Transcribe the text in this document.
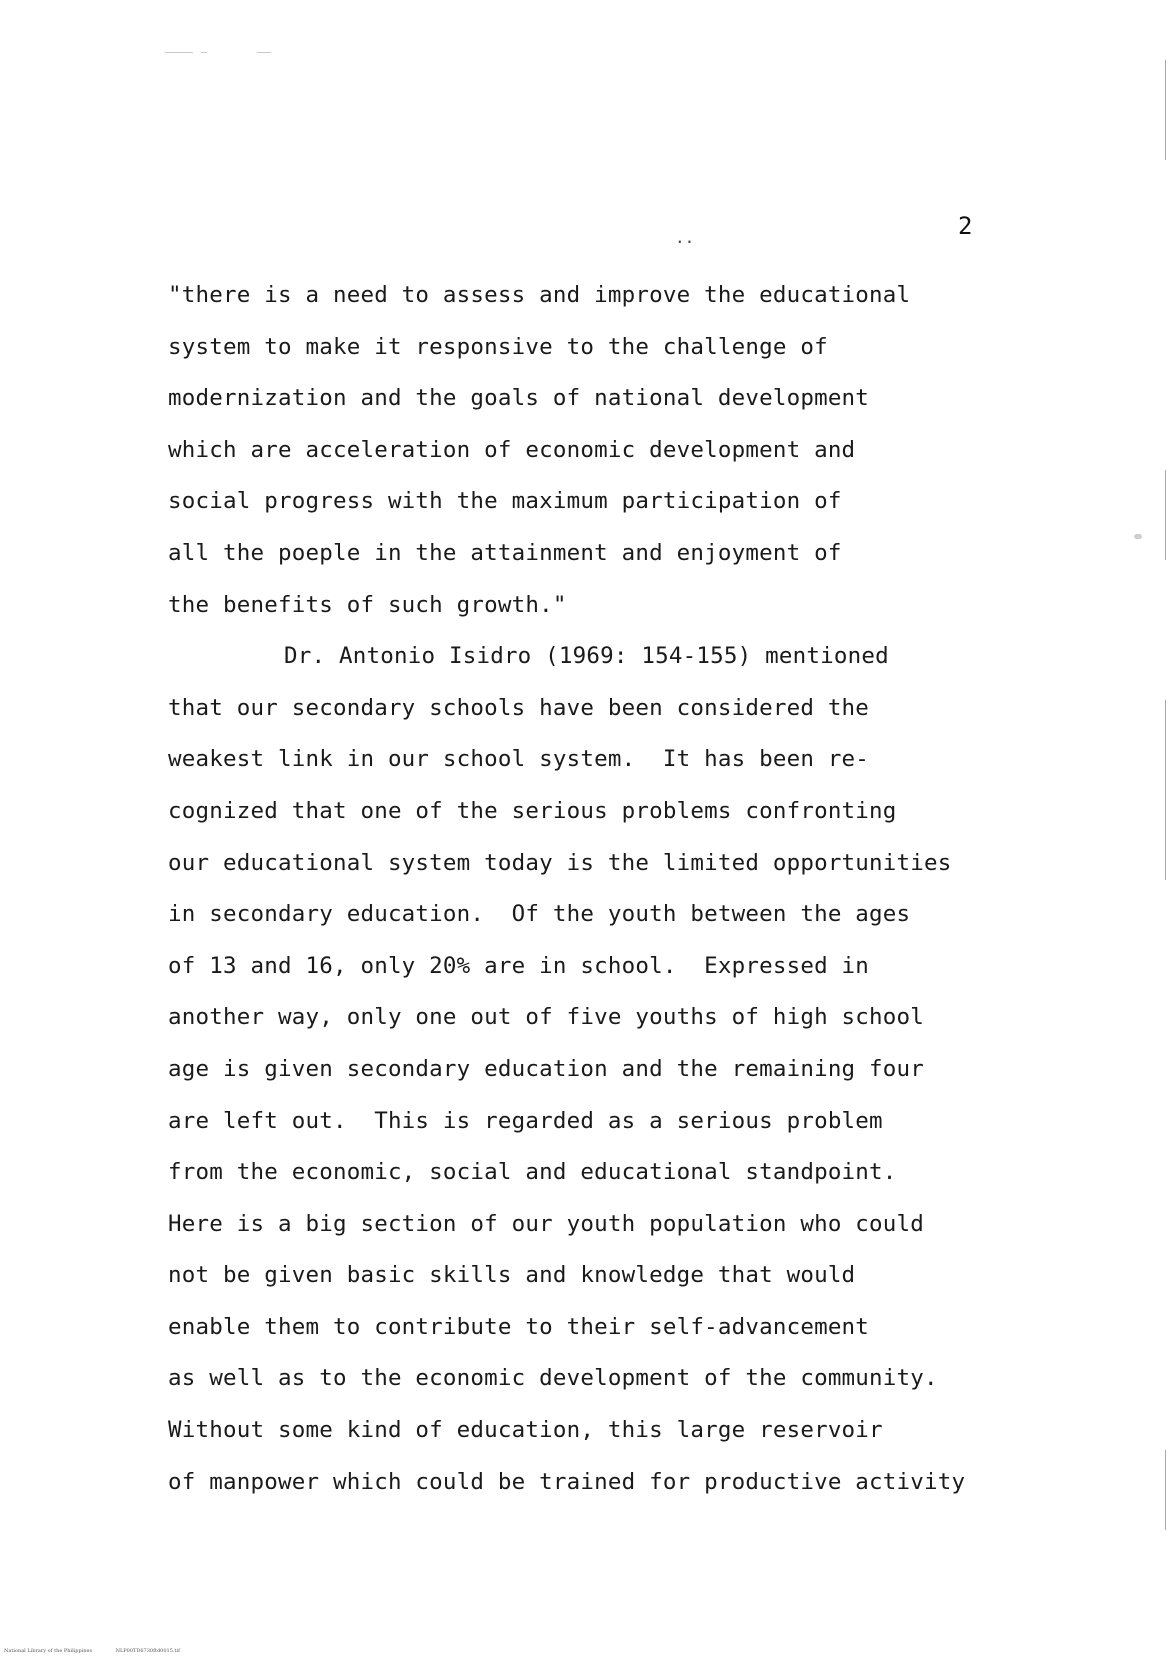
..	2
"there is a need to assess and improve the educational
system to make it responsive to the challenge of
modernization and the goals of national development
which are acceleration of economic development and
social progress with the maximum participation of
all the poeple in the attainment and enjoyment of
the benefits of such growth."
Dr. Antonio Isidro (1969: 154-155) mentioned
that our secondary schools have been considered the
weakest link in our school system.  It has been re-
cognized that one of the serious problems confronting
our educational system today is the limited opportunities
in secondary education.  Of the youth between the ages
of 13 and 16, only 20% are in school.  Expressed in
another way, only one out of five youths of high school
age is given secondary education and the remaining four
are left out.  This is regarded as a serious problem
from the economic, social and educational standpoint.
Here is a big section of our youth population who could
not be given basic skills and knowledge that would
enable them to contribute to their self-advancement
as well as to the economic development of the community.
Without some kind of education, this large reservoir
of manpower which could be trained for productive activity
National Library of the Philippines	NLP00TD6730ftd0015.tif
